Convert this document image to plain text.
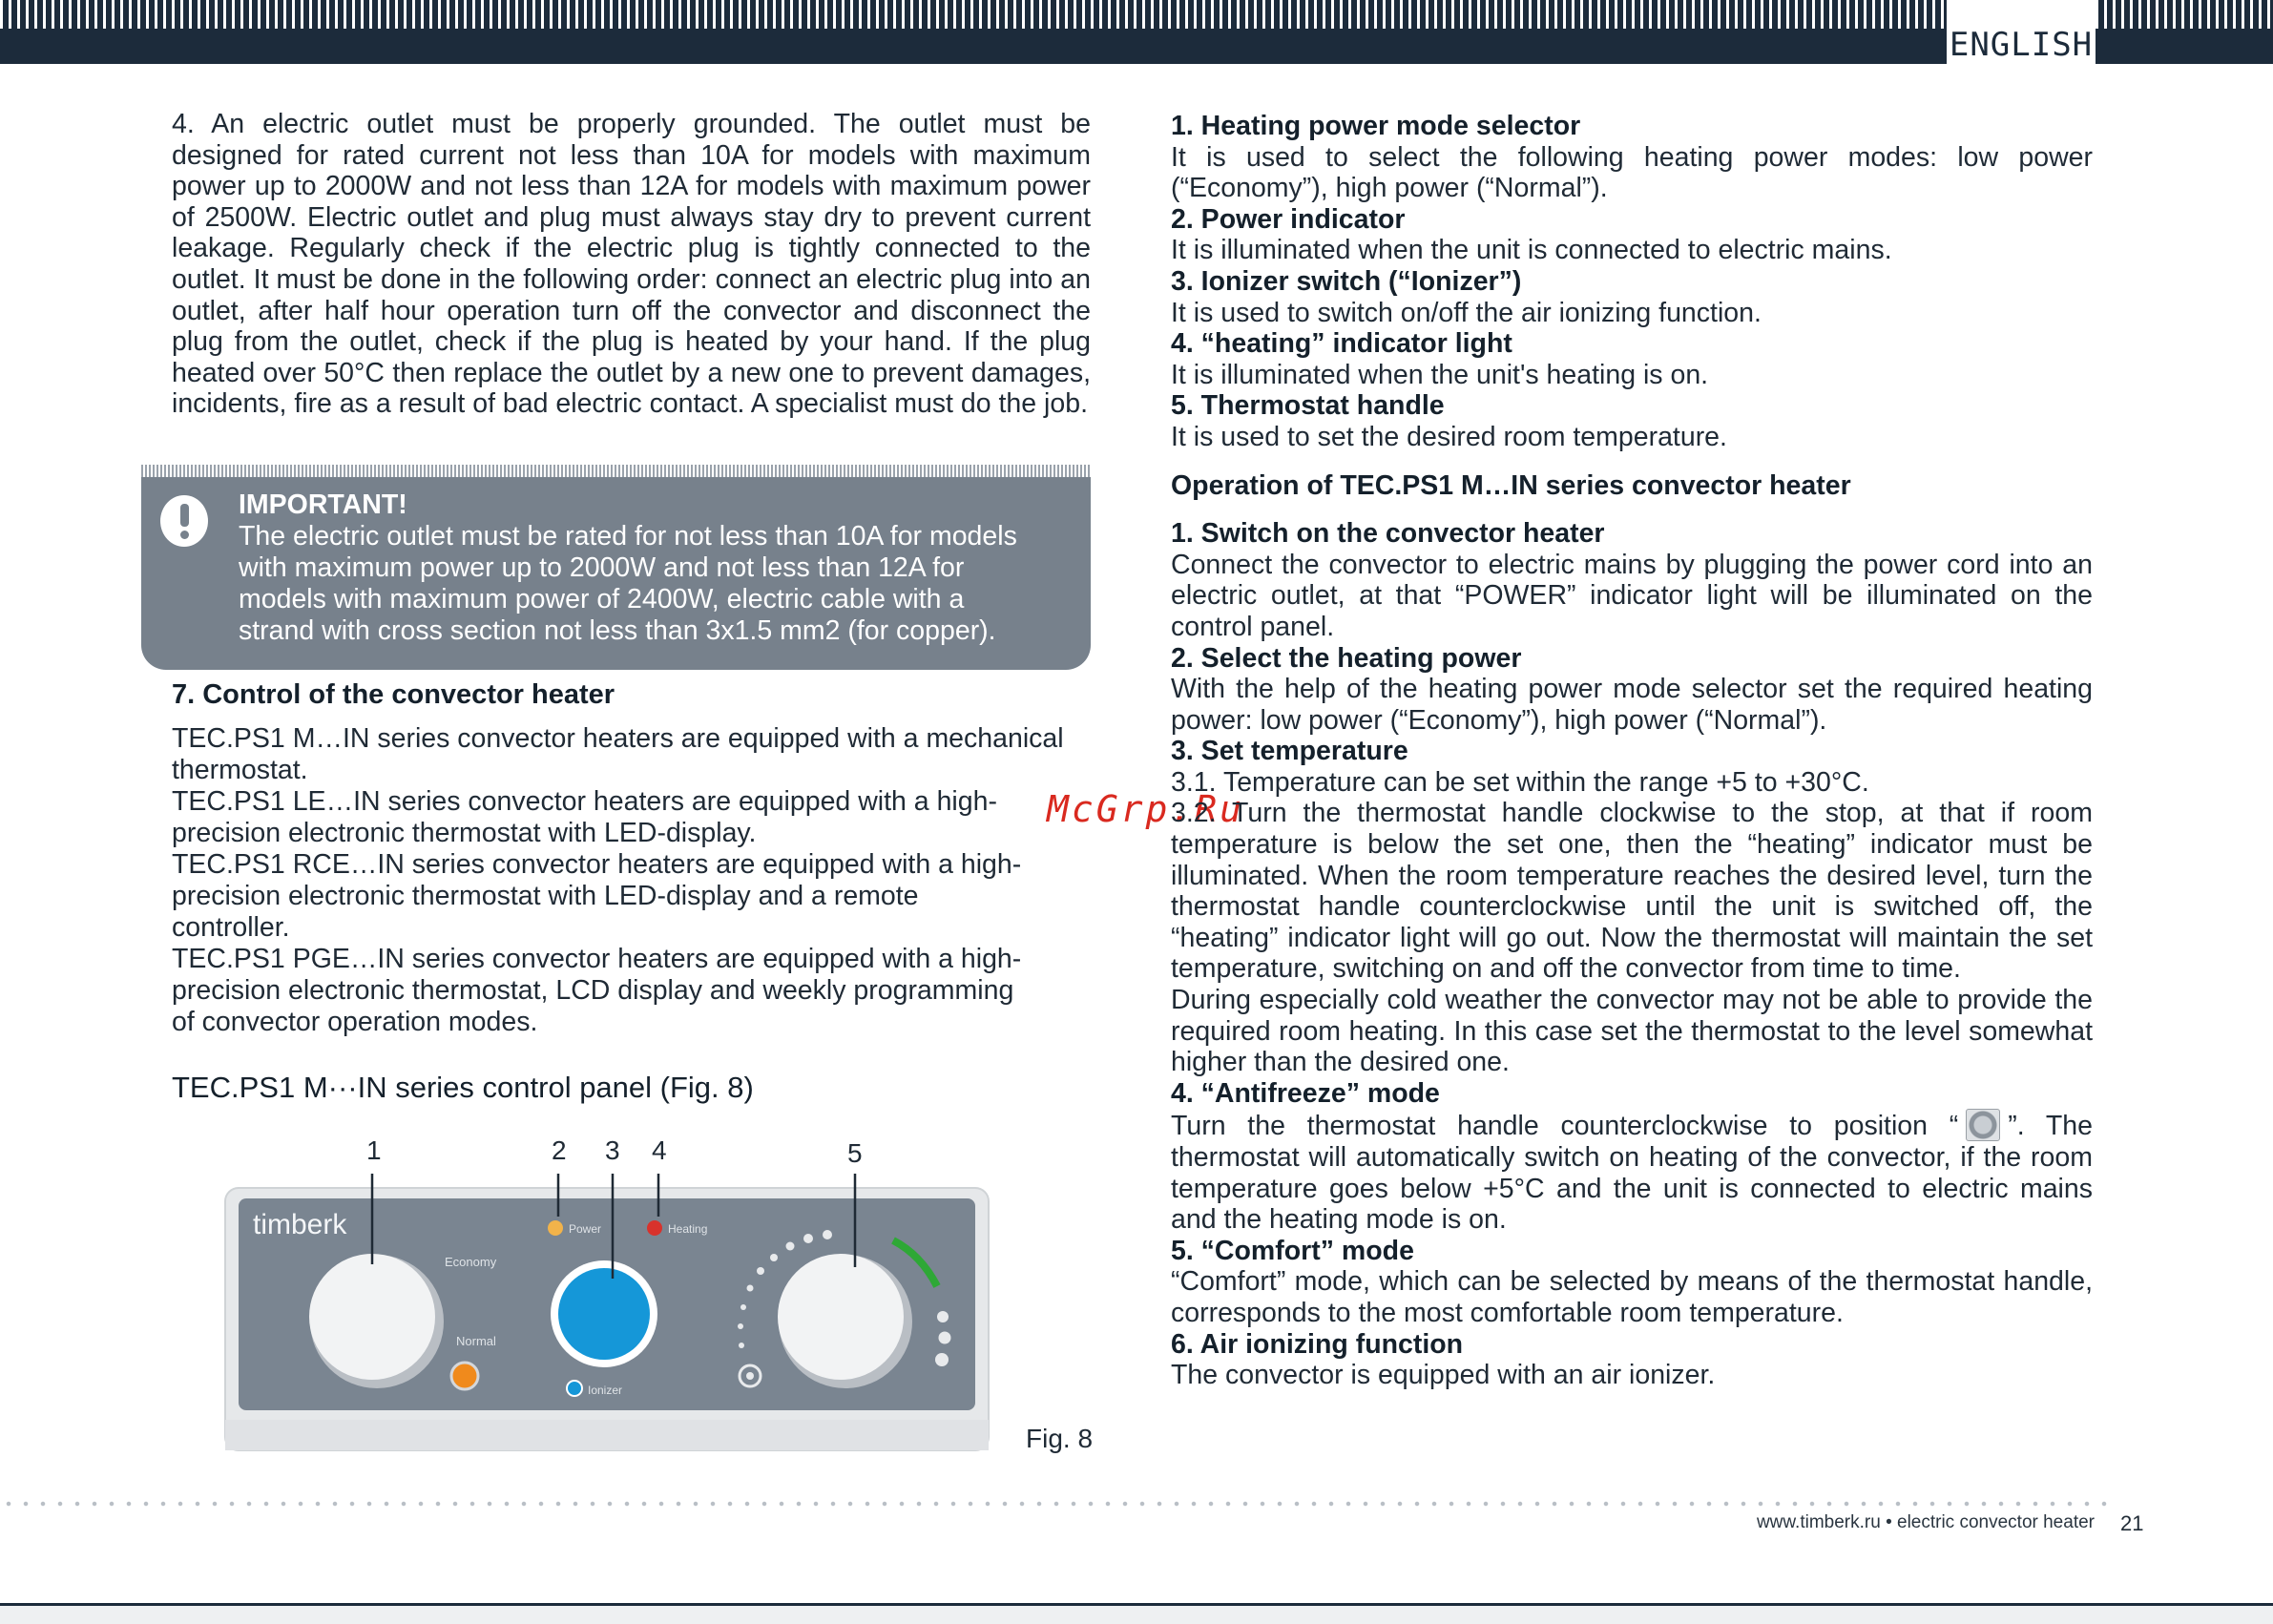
ENGLISH

4. An electric outlet must be properly grounded. The outlet must be designed for rated current not less than 10A for models with maximum power up to 2000W and not less than 12A for models with maximum power of 2500W. Electric outlet and plug must always stay dry to prevent current leakage. Regularly check if the electric plug is tightly connected to the outlet. It must be done in the following order: connect an electric plug into an outlet, after half hour operation turn off the convector and disconnect the plug from the outlet, check if the plug is heated by your hand. If the plug heated over 50°C then replace the outlet by a new one to prevent damages, incidents, fire as a result of bad electric contact. A specialist must do the job.

IMPORTANT!
The electric outlet must be rated for not less than 10A for models
with maximum power up to 2000W and not less than 12A for
models with maximum power of 2400W, electric cable with a
strand with cross section not less than 3x1.5 mm2 (for copper).
7. Control of the convector heater
TEC.PS1 M…IN series convector heaters are equipped with a mechanical
thermostat.
TEC.PS1 LE…IN series convector heaters are equipped with a high-
precision electronic thermostat with LED-display.
TEC.PS1 RCE…IN series convector heaters are equipped with a high-
precision electronic thermostat with LED-display and a remote
controller.
TEC.PS1 PGE…IN series convector heaters are equipped with a high-
precision electronic thermostat, LCD display and weekly programming
of convector operation modes.
TEC.PS1 M···IN series control panel (Fig. 8)
1	2 3 4	5
timberk
Economy
Normal
Power	Heating
Ionizer
Fig. 8
McGrp.Ru

1. Heating power mode selector

It is used to select the following heating power modes: low power (“Economy”), high power (“Normal”).

2. Power indicator

It is illuminated when the unit is connected to electric mains.

3. Ionizer switch (“Ionizer”)

It is used to switch on/off the air ionizing function.

4. “heating” indicator light

It is illuminated when the unit's heating is on.

5. Thermostat handle

It is used to set the desired room temperature.

Operation of TEC.PS1 M…IN series convector heater

1. Switch on the convector heater

Connect the convector to electric mains by plugging the power cord into an electric outlet, at that “POWER” indicator light will be illuminated on the control panel.

2. Select the heating power

With the help of the heating power mode selector set the required heating power: low power (“Economy”), high power (“Normal”).

3. Set temperature

3.1. Temperature can be set within the range +5 to +30°C.

3.2. Turn the thermostat handle clockwise to the stop, at that if room temperature is below the set one, then the “heating” indicator must be illuminated. When the room temperature reaches the desired level, turn the thermostat handle counterclockwise until the unit is switched off, the “heating” indicator light will go out. Now the thermostat will maintain the set temperature, switching on and off the convector from time to time.

During especially cold weather the convector may not be able to provide the required room heating. In this case set the thermostat to the level somewhat higher than the desired one.

4. “Antifreeze” mode

Turn the thermostat handle counterclockwise to position “ ”. The thermostat will automatically switch on heating of the convector, if the room temperature goes below +5°C and the unit is connected to electric mains and the heating mode is on.

5. “Comfort” mode

“Comfort” mode, which can be selected by means of the thermostat handle, corresponds to the most comfortable room temperature.

6. Air ionizing function

The convector is equipped with an air ionizer.

www.timberk.ru • electric convector heater 21
